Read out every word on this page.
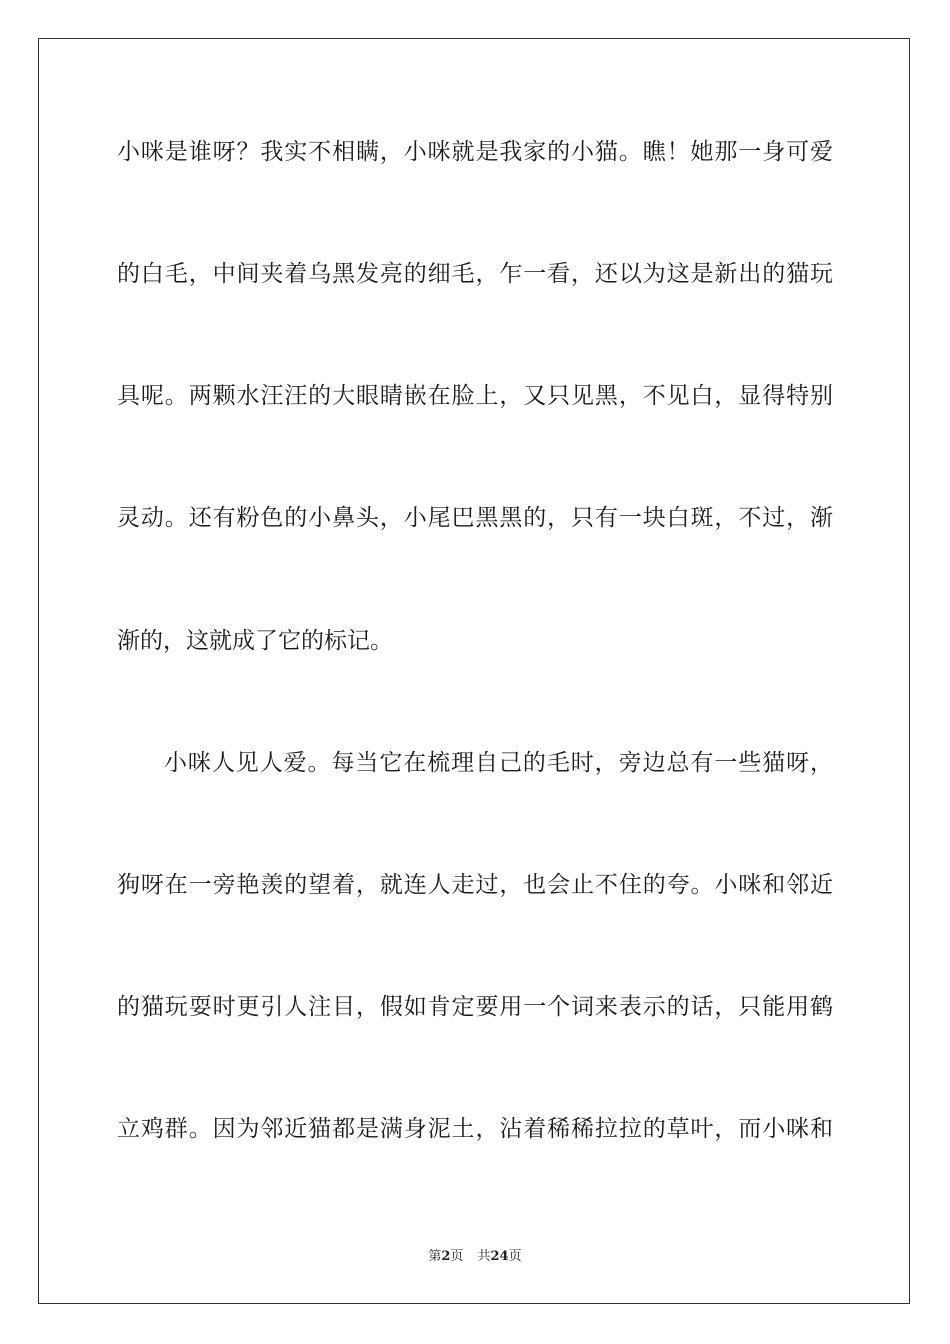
小咪是谁呀？我实不相瞒，小咪就是我家的小猫。瞧！她那一身可爱
的白毛，中间夹着乌黑发亮的细毛，乍一看，还以为这是新出的猫玩
具呢。两颗水汪汪的大眼睛嵌在脸上，又只见黑，不见白，显得特别
灵动。还有粉色的小鼻头，小尾巴黑黑的，只有一块白斑，不过，渐
渐的，这就成了它的标记。
小咪人见人爱。每当它在梳理自己的毛时，旁边总有一些猫呀，
狗呀在一旁艳羡的望着，就连人走过，也会止不住的夸。小咪和邻近
的猫玩耍时更引人注目，假如肯定要用一个词来表示的话，只能用鹤
立鸡群。因为邻近猫都是满身泥土，沾着稀稀拉拉的草叶，而小咪和
第2页 共24页
